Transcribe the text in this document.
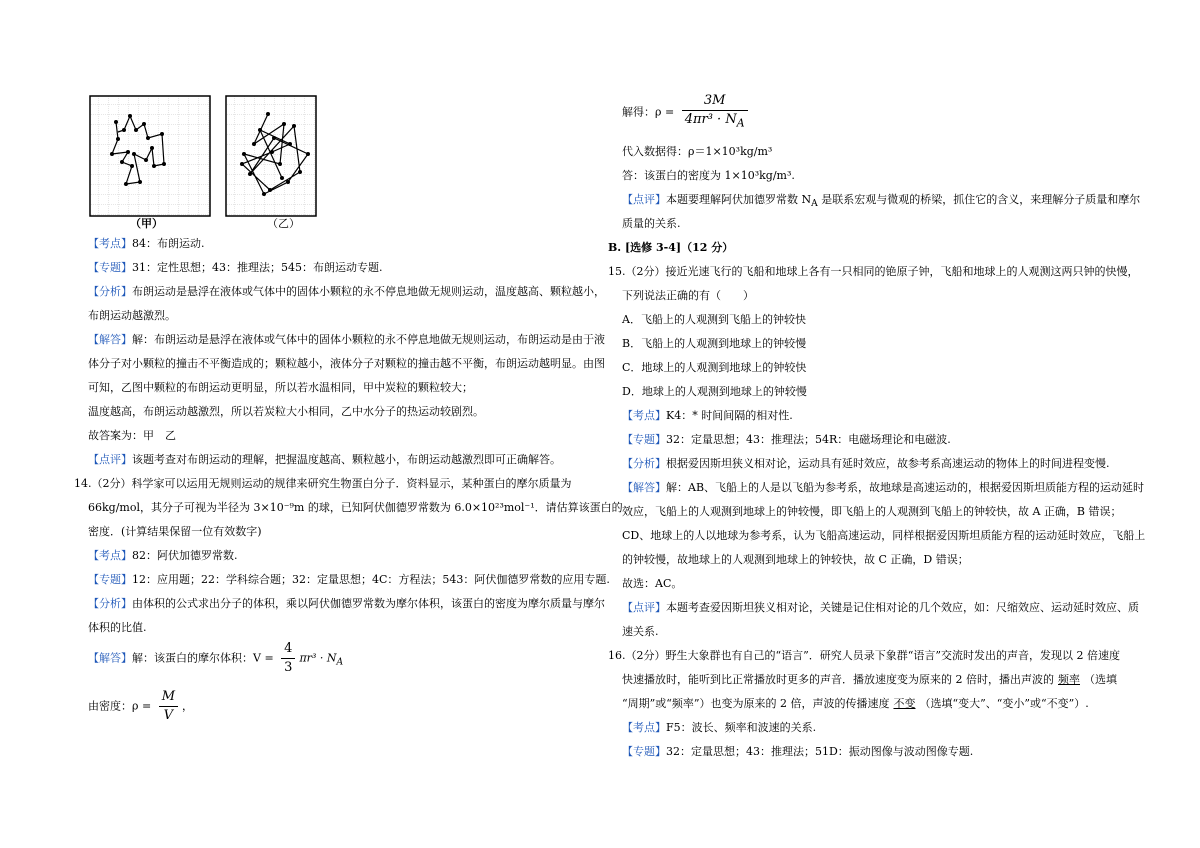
（甲）	（乙）
【考点】84：布朗运动.
【专题】31：定性思想；43：推理法；545：布朗运动专题.
【分析】布朗运动是悬浮在液体或气体中的固体小颗粒的永不停息地做无规则运动，温度越高、颗粒越小，
布朗运动越激烈。
【解答】解：布朗运动是悬浮在液体或气体中的固体小颗粒的永不停息地做无规则运动，布朗运动是由于液
体分子对小颗粒的撞击不平衡造成的；颗粒越小，液体分子对颗粒的撞击越不平衡，布朗运动越明显。由图
可知，乙图中颗粒的布朗运动更明显，所以若水温相同，甲中炭粒的颗粒较大；
温度越高，布朗运动越激烈，所以若炭粒大小相同，乙中水分子的热运动较剧烈。
故答案为：甲　乙
【点评】该题考查对布朗运动的理解，把握温度越高、颗粒越小，布朗运动越激烈即可正确解答。
14.（2分）科学家可以运用无规则运动的规律来研究生物蛋白分子．资料显示，某种蛋白的摩尔质量为
66kg/mol，其分子可视为半径为 3×10⁻⁹m 的球，已知阿伏伽德罗常数为 6.0×10²³mol⁻¹．请估算该蛋白的
密度．(计算结果保留一位有效数字)
【考点】82：阿伏加德罗常数.
【专题】12：应用题；22：学科综合题；32：定量思想；4C：方程法；543：阿伏伽德罗常数的应用专题.
【分析】由体积的公式求出分子的体积，乘以阿伏伽德罗常数为摩尔体积，该蛋白的密度为摩尔质量与摩尔
体积的比值.
【解答】解：该蛋白的摩尔体积：$V = \frac{4}{3} \pi r^3 \cdot N_A$
由密度：$\rho = \frac{M}{V}$ ，
解得：$\rho = \frac{3M}{4\pi r^3 \cdot N_A}$
代入数据得：ρ＝1×10³kg/m³
答：该蛋白的密度为 1×10³kg/m³.
【点评】本题要理解阿伏加德罗常数 $N_A$ 是联系宏观与微观的桥梁，抓住它的含义，来理解分子质量和摩尔
质量的关系.
B. [选修 3-4]（12 分）
15.（2分）接近光速飞行的飞船和地球上各有一只相同的铯原子钟，飞船和地球上的人观测这两只钟的快慢，
下列说法正确的有（　　）
A．飞船上的人观测到飞船上的钟较快
B．飞船上的人观测到地球上的钟较慢
C．地球上的人观测到地球上的钟较快
D．地球上的人观测到地球上的钟较慢
【考点】K4：* 时间间隔的相对性.
【专题】32：定量思想；43：推理法；54R：电磁场理论和电磁波.
【分析】根据爱因斯坦狭义相对论，运动具有延时效应，故参考系高速运动的物体上的时间进程变慢.
【解答】解：AB、飞船上的人是以飞船为参考系，故地球是高速运动的，根据爱因斯坦质能方程的运动延时
效应，飞船上的人观测到地球上的钟较慢，即飞船上的人观测到飞船上的钟较快，故 A 正确，B 错误；
CD、地球上的人以地球为参考系，认为飞船高速运动，同样根据爱因斯坦质能方程的运动延时效应，飞船上
的钟较慢，故地球上的人观测到地球上的钟较快，故 C 正确，D 错误；
故选：AC。
【点评】本题考查爱因斯坦狭义相对论，关键是记住相对论的几个效应，如：尺缩效应、运动延时效应、质
速关系.
16.（2分）野生大象群也有自己的“语言”．研究人员录下象群“语言”交流时发出的声音，发现以 2 倍速度
快速播放时，能听到比正常播放时更多的声音．播放速度变为原来的 2 倍时，播出声波的 频率 （选填
“周期”或“频率”）也变为原来的 2 倍，声波的传播速度 不变 （选填“变大”、“变小”或“不变”）.
【考点】F5：波长、频率和波速的关系.
【专题】32：定量思想；43：推理法；51D：振动图像与波动图像专题.
